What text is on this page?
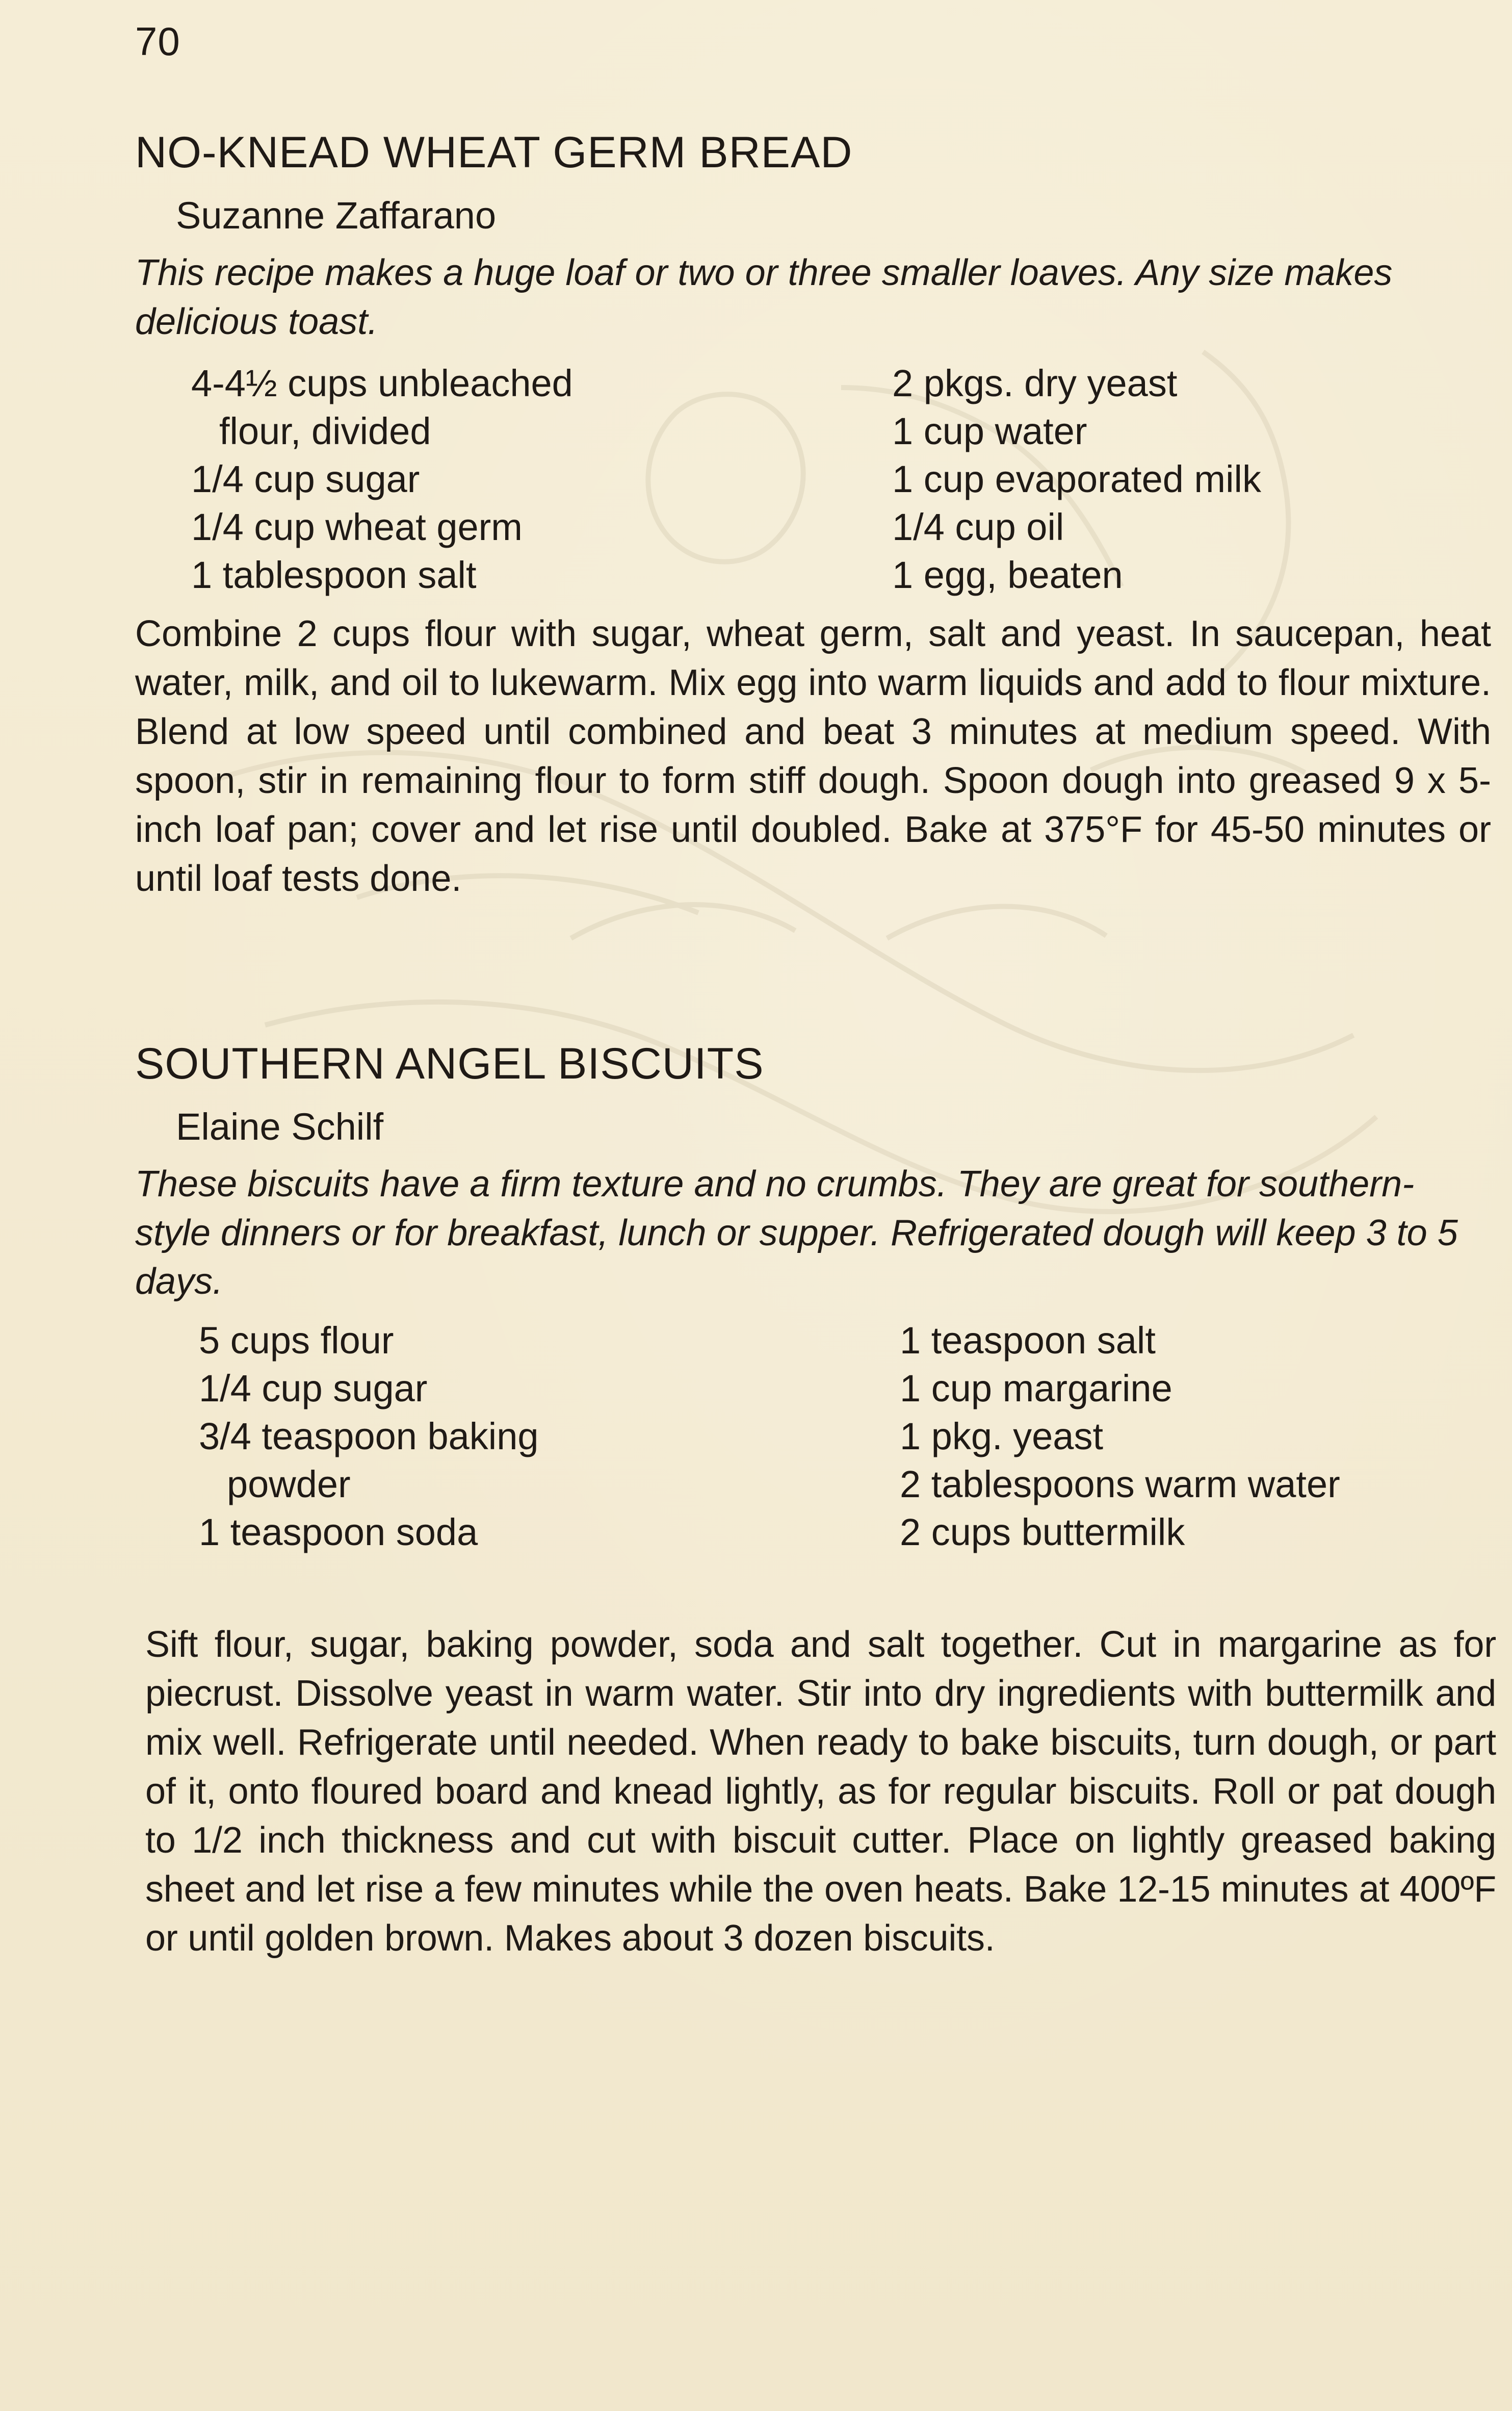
70
NO-KNEAD WHEAT GERM BREAD
Suzanne Zaffarano
This recipe makes a huge loaf or two or three smaller loaves. Any size makes delicious toast.
4-4½ cups unbleached
flour, divided
1/4 cup sugar
1/4 cup wheat germ
1 tablespoon salt
2 pkgs. dry yeast
1 cup water
1 cup evaporated milk
1/4 cup oil
1 egg, beaten
Combine 2 cups flour with sugar, wheat germ, salt and yeast. In saucepan, heat water, milk, and oil to lukewarm. Mix egg into warm liquids and add to flour mixture. Blend at low speed until combined and beat 3 minutes at medium speed. With spoon, stir in remaining flour to form stiff dough. Spoon dough into greased 9 x 5-inch loaf pan; cover and let rise until doubled. Bake at 375°F for 45-50 minutes or until loaf tests done.
SOUTHERN ANGEL BISCUITS
Elaine Schilf
These biscuits have a firm texture and no crumbs. They are great for southern-style dinners or for breakfast, lunch or supper. Refrigerated dough will keep 3 to 5 days.
5 cups flour
1/4 cup sugar
3/4 teaspoon baking
powder
1 teaspoon soda
1 teaspoon salt
1 cup margarine
1 pkg. yeast
2 tablespoons warm water
2 cups buttermilk
Sift flour, sugar, baking powder, soda and salt together. Cut in margarine as for piecrust. Dissolve yeast in warm water. Stir into dry ingredients with buttermilk and mix well. Refrigerate until needed. When ready to bake biscuits, turn dough, or part of it, onto floured board and knead lightly, as for regular biscuits. Roll or pat dough to 1/2 inch thickness and cut with biscuit cutter. Place on lightly greased baking sheet and let rise a few minutes while the oven heats. Bake 12-15 minutes at 400ºF or until golden brown. Makes about 3 dozen biscuits.
